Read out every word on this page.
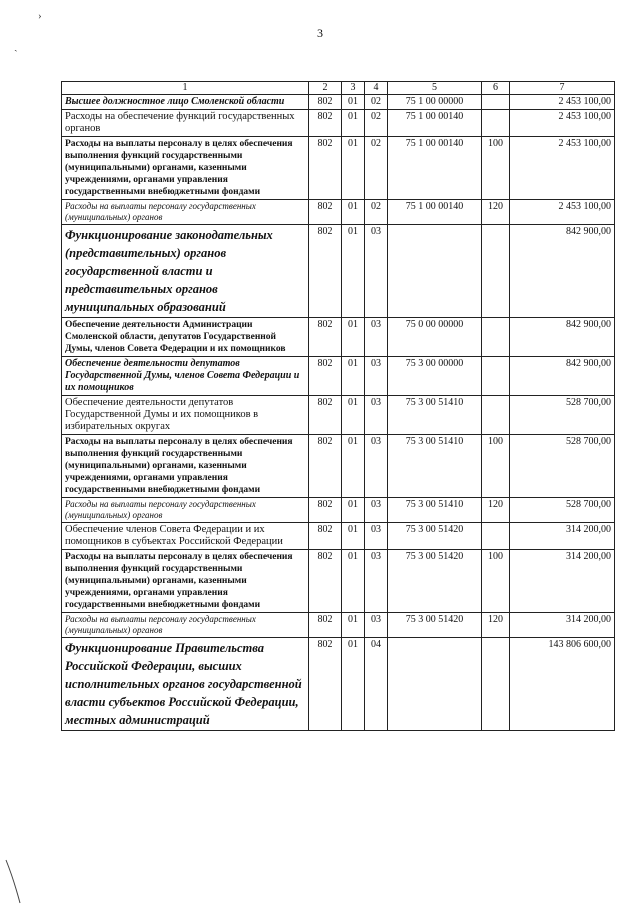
›
ˎ
3
1	2	3	4	5	6	7
Высшее должностное лицо Смоленской области	802	01	02	75 1 00 00000		2 453 100,00
Расходы на обеспечение функций государственных органов	802	01	02	75 1 00 00140		2 453 100,00
Расходы на выплаты персоналу в целях обеспечения выполнения функций государственными (муниципальными) органами, казенными учреждениями, органами управления государственными внебюджетными фондами	802	01	02	75 1 00 00140	100	2 453 100,00
Расходы на выплаты персоналу государственных (муниципальных) органов	802	01	02	75 1 00 00140	120	2 453 100,00
Функционирование законодательных (представительных) органов государственной власти и представительных органов муниципальных образований	802	01	03			842 900,00
Обеспечение деятельности Администрации Смоленской области, депутатов Государственной Думы, членов Совета Федерации и их помощников	802	01	03	75 0 00 00000		842 900,00
Обеспечение деятельности депутатов Государственной Думы, членов Совета Федерации и их помощников	802	01	03	75 3 00 00000		842 900,00
Обеспечение деятельности депутатов Государственной Думы и их помощников в избирательных округах	802	01	03	75 3 00 51410		528 700,00
Расходы на выплаты персоналу в целях обеспечения выполнения функций государственными (муниципальными) органами, казенными учреждениями, органами управления государственными внебюджетными фондами	802	01	03	75 3 00 51410	100	528 700,00
Расходы на выплаты персоналу государственных (муниципальных) органов	802	01	03	75 3 00 51410	120	528 700,00
Обеспечение членов Совета Федерации и их помощников в субъектах Российской Федерации	802	01	03	75 3 00 51420		314 200,00
Расходы на выплаты персоналу в целях обеспечения выполнения функций государственными (муниципальными) органами, казенными учреждениями, органами управления государственными внебюджетными фондами	802	01	03	75 3 00 51420	100	314 200,00
Расходы на выплаты персоналу государственных (муниципальных) органов	802	01	03	75 3 00 51420	120	314 200,00
Функционирование Правительства Российской Федерации, высших исполнительных органов государственной власти субъектов Российской Федерации, местных администраций	802	01	04			143 806 600,00
